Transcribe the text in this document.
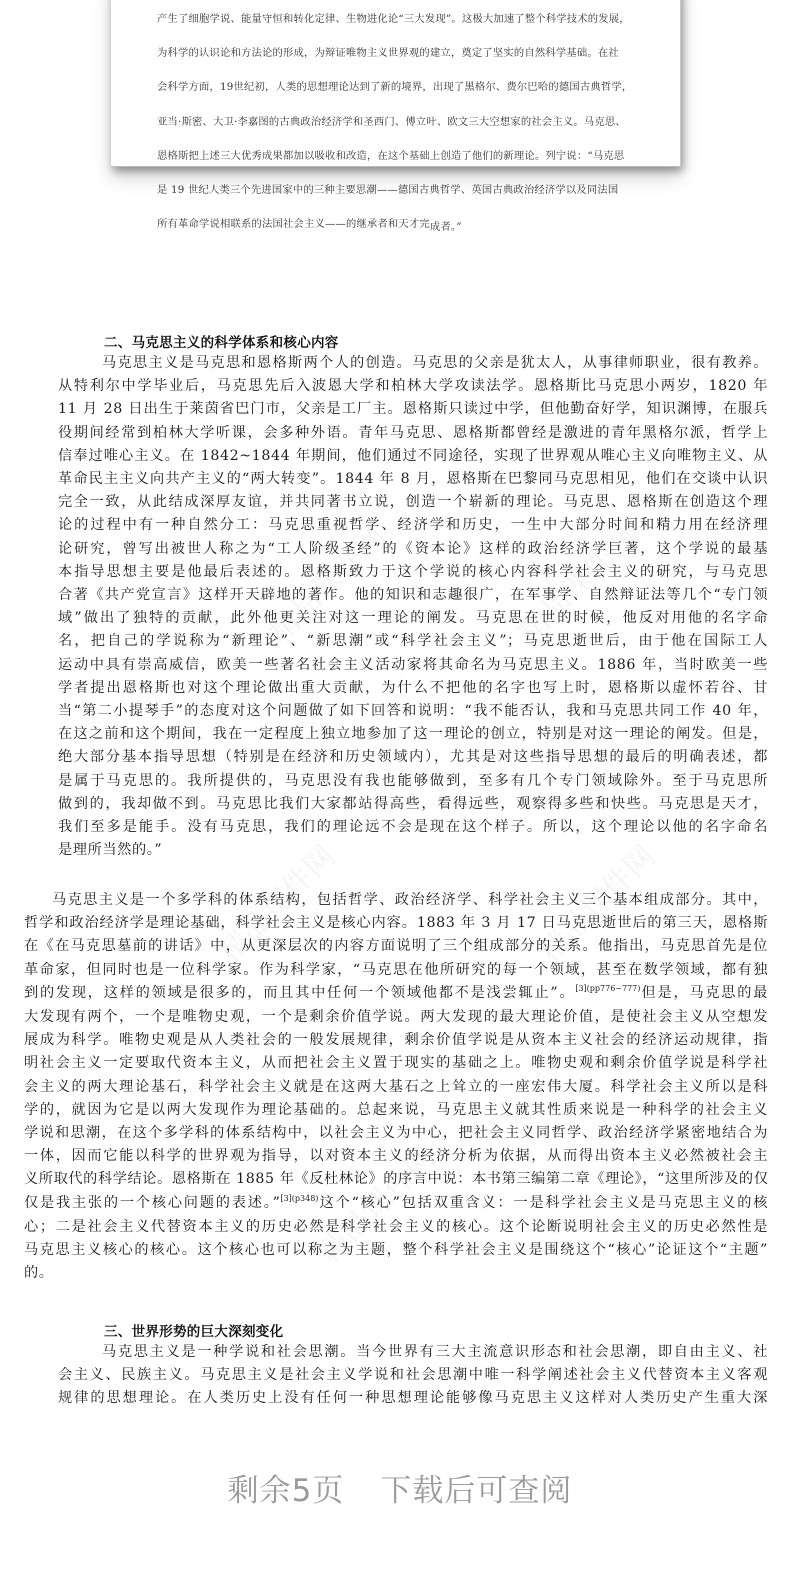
产生了细胞学说、能量守恒和转化定律、生物进化论“三大发现”。这极大加速了整个科学技术的发展，

为科学的认识论和方法论的形成，为辩证唯物主义世界观的建立，奠定了坚实的自然科学基础。在社

会科学方面，19世纪初，人类的思想理论达到了新的境界，出现了黑格尔、费尔巴哈的德国古典哲学，

亚当·斯密、大卫·李嘉图的古典政治经济学和圣西门、傅立叶、欧文三大空想家的社会主义。马克思、

恩格斯把上述三大优秀成果都加以吸收和改造，在这个基础上创造了他们的新理论。列宁说：“马克思

是 19 世纪人类三个先进国家中的三种主要思潮——德国古典哲学、英国古典政治经济学以及同法国

所有革命学说相联系的法国社会主义——的继承者和天才完成者。”

二、马克思主义的科学体系和核心内容
马克思主义是马克思和恩格斯两个人的创造。马克思的父亲是犹太人，从事律师职业，很有教养。
从特利尔中学毕业后，马克思先后入波恩大学和柏林大学攻读法学。恩格斯比马克思小两岁，1820 年
11 月 28 日出生于莱茵省巴门市，父亲是工厂主。恩格斯只读过中学，但他勤奋好学，知识渊博，在服兵
役期间经常到柏林大学听课，会多种外语。青年马克思、恩格斯都曾经是激进的青年黑格尔派，哲学上
信奉过唯心主义。在 1842~1844 年期间，他们通过不同途径，实现了世界观从唯心主义向唯物主义、从
革命民主主义向共产主义的“两大转变”。1844 年 8 月，恩格斯在巴黎同马克思相见，他们在交谈中认识
完全一致，从此结成深厚友谊，并共同著书立说，创造一个崭新的理论。马克思、恩格斯在创造这个理
论的过程中有一种自然分工：马克思重视哲学、经济学和历史，一生中大部分时间和精力用在经济理
论研究，曾写出被世人称之为“工人阶级圣经”的《资本论》这样的政治经济学巨著，这个学说的最基
本指导思想主要是他最后表述的。恩格斯致力于这个学说的核心内容科学社会主义的研究，与马克思
合著《共产党宣言》这样开天辟地的著作。他的知识和志趣很广，在军事学、自然辩证法等几个“专门领
域”做出了独特的贡献，此外他更关注对这一理论的阐发。马克思在世的时候，他反对用他的名字命
名，把自己的学说称为“新理论”、“新思潮”或“科学社会主义”；马克思逝世后，由于他在国际工人
运动中具有崇高威信，欧美一些著名社会主义活动家将其命名为马克思主义。1886 年，当时欧美一些
学者提出恩格斯也对这个理论做出重大贡献，为什么不把他的名字也写上时，恩格斯以虚怀若谷、甘
当“第二小提琴手”的态度对这个问题做了如下回答和说明：“我不能否认，我和马克思共同工作 40 年，
在这之前和这个期间，我在一定程度上独立地参加了这一理论的创立，特别是对这一理论的阐发。但是，
绝大部分基本指导思想（特别是在经济和历史领域内），尤其是对这些指导思想的最后的明确表述，都
是属于马克思的。我所提供的，马克思没有我也能够做到，至多有几个专门领域除外。至于马克思所
做到的，我却做不到。马克思比我们大家都站得高些，看得远些，观察得多些和快些。马克思是天才，
我们至多是能手。没有马克思，我们的理论远不会是现在这个样子。所以，这个理论以他的名字命名
是理所当然的。”
马克思主义是一个多学科的体系结构，包括哲学、政治经济学、科学社会主义三个基本组成部分。其中，
哲学和政治经济学是理论基础，科学社会主义是核心内容。1883 年 3 月 17 日马克思逝世后的第三天，恩格斯
在《在马克思墓前的讲话》中，从更深层次的内容方面说明了三个组成部分的关系。他指出，马克思首先是位
革命家，但同时也是一位科学家。作为科学家，“马克思在他所研究的每一个领域，甚至在数学领域，都有独
到的发现，这样的领域是很多的，而且其中任何一个领域他都不是浅尝辄止”。$^{[3](pp776\sim 777)}$但是，马克思的最
大发现有两个，一个是唯物史观，一个是剩余价值学说。两大发现的最大理论价值，是使社会主义从空想发
展成为科学。唯物史观是从人类社会的一般发展规律，剩余价值学说是从资本主义社会的经济运动规律，指
明社会主义一定要取代资本主义，从而把社会主义置于现实的基础之上。唯物史观和剩余价值学说是科学社
会主义的两大理论基石，科学社会主义就是在这两大基石之上耸立的一座宏伟大厦。科学社会主义所以是科
学的，就因为它是以两大发现作为理论基础的。总起来说，马克思主义就其性质来说是一种科学的社会主义
学说和思潮，在这个多学科的体系结构中，以社会主义为中心，把社会主义同哲学、政治经济学紧密地结合为
一体，因而它能以科学的世界观为指导，以对资本主义的经济分析为依据，从而得出资本主义必然被社会主
义所取代的科学结论。恩格斯在 1885 年《反杜林论》的序言中说：本书第三编第二章《理论》，“这里所涉及的仅
仅是我主张的一个核心问题的表述。”$^{[3](p348)}$这个“核心”包括双重含义：一是科学社会主义是马克思主义的核
心；二是社会主义代替资本主义的历史必然是科学社会主义的核心。这个论断说明社会主义的历史必然性是
马克思主义核心的核心。这个核心也可以称之为主题，整个科学社会主义是围绕这个“核心”论证这个“主题”
的。
三、世界形势的巨大深刻变化
马克思主义是一种学说和社会思潮。当今世界有三大主流意识形态和社会思潮，即自由主义、社
会主义、民族主义。马克思主义是社会主义学说和社会思潮中唯一科学阐述社会主义代替资本主义客观
规律的思想理论。在人类历史上没有任何一种思想理论能够像马克思主义这样对人类历史产生重大深
剩余5页 下载后可查阅
